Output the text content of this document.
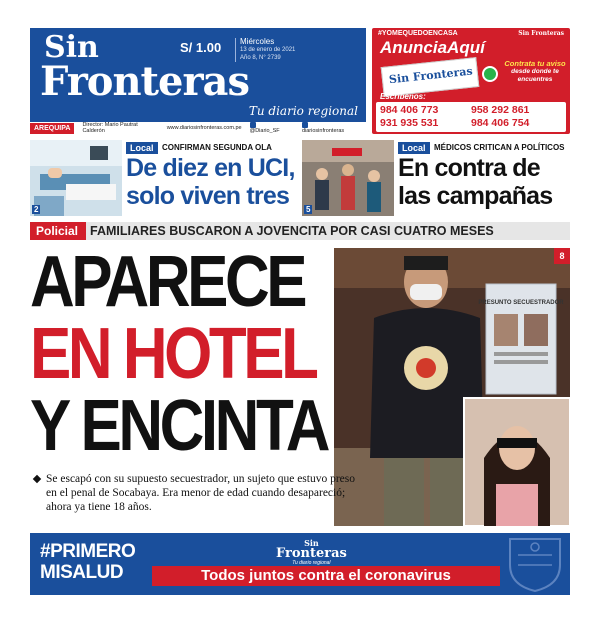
Sin
Fronteras
S/ 1.00 Miércoles
13 de enero de 2021
Año 8, N° 2739
Tu diario regional
AREQUIPA	Director: Mario Pautrat Calderón	www.diariosinfronteras.com.pe
@Diario_SF	diariosinfronteras
#YOMEQUEDOENCASA	Sin Fronteras
AnunciaAquí
Sin Fronteras
Contrata tu aviso
desde donde te encuentres
Escríbenos:
984 406 773	958 292 861
931 935 531	984 406 754
2
Local	CONFIRMAN SEGUNDA OLA
De diez en UCI,
solo viven tres	5
Local	MÉDICOS CRITICAN A POLÍTICOS
En contra de
las campañas
Policial FAMILIARES BUSCARON A JOVENCITA POR CASI CUATRO MESES
APARECE
EN HOTEL
Y ENCINTA
PRESUNTO SECUESTRADOR
8
Se escapó con su supuesto secuestrador, un sujeto que estuvo preso en el penal de Socabaya. Era menor de edad cuando desapareció; ahora ya tiene 18 años.
#PRIMERO
MISALUD
Sin
Fronteras
Tu diario regional
Todos juntos contra el coronavirus
